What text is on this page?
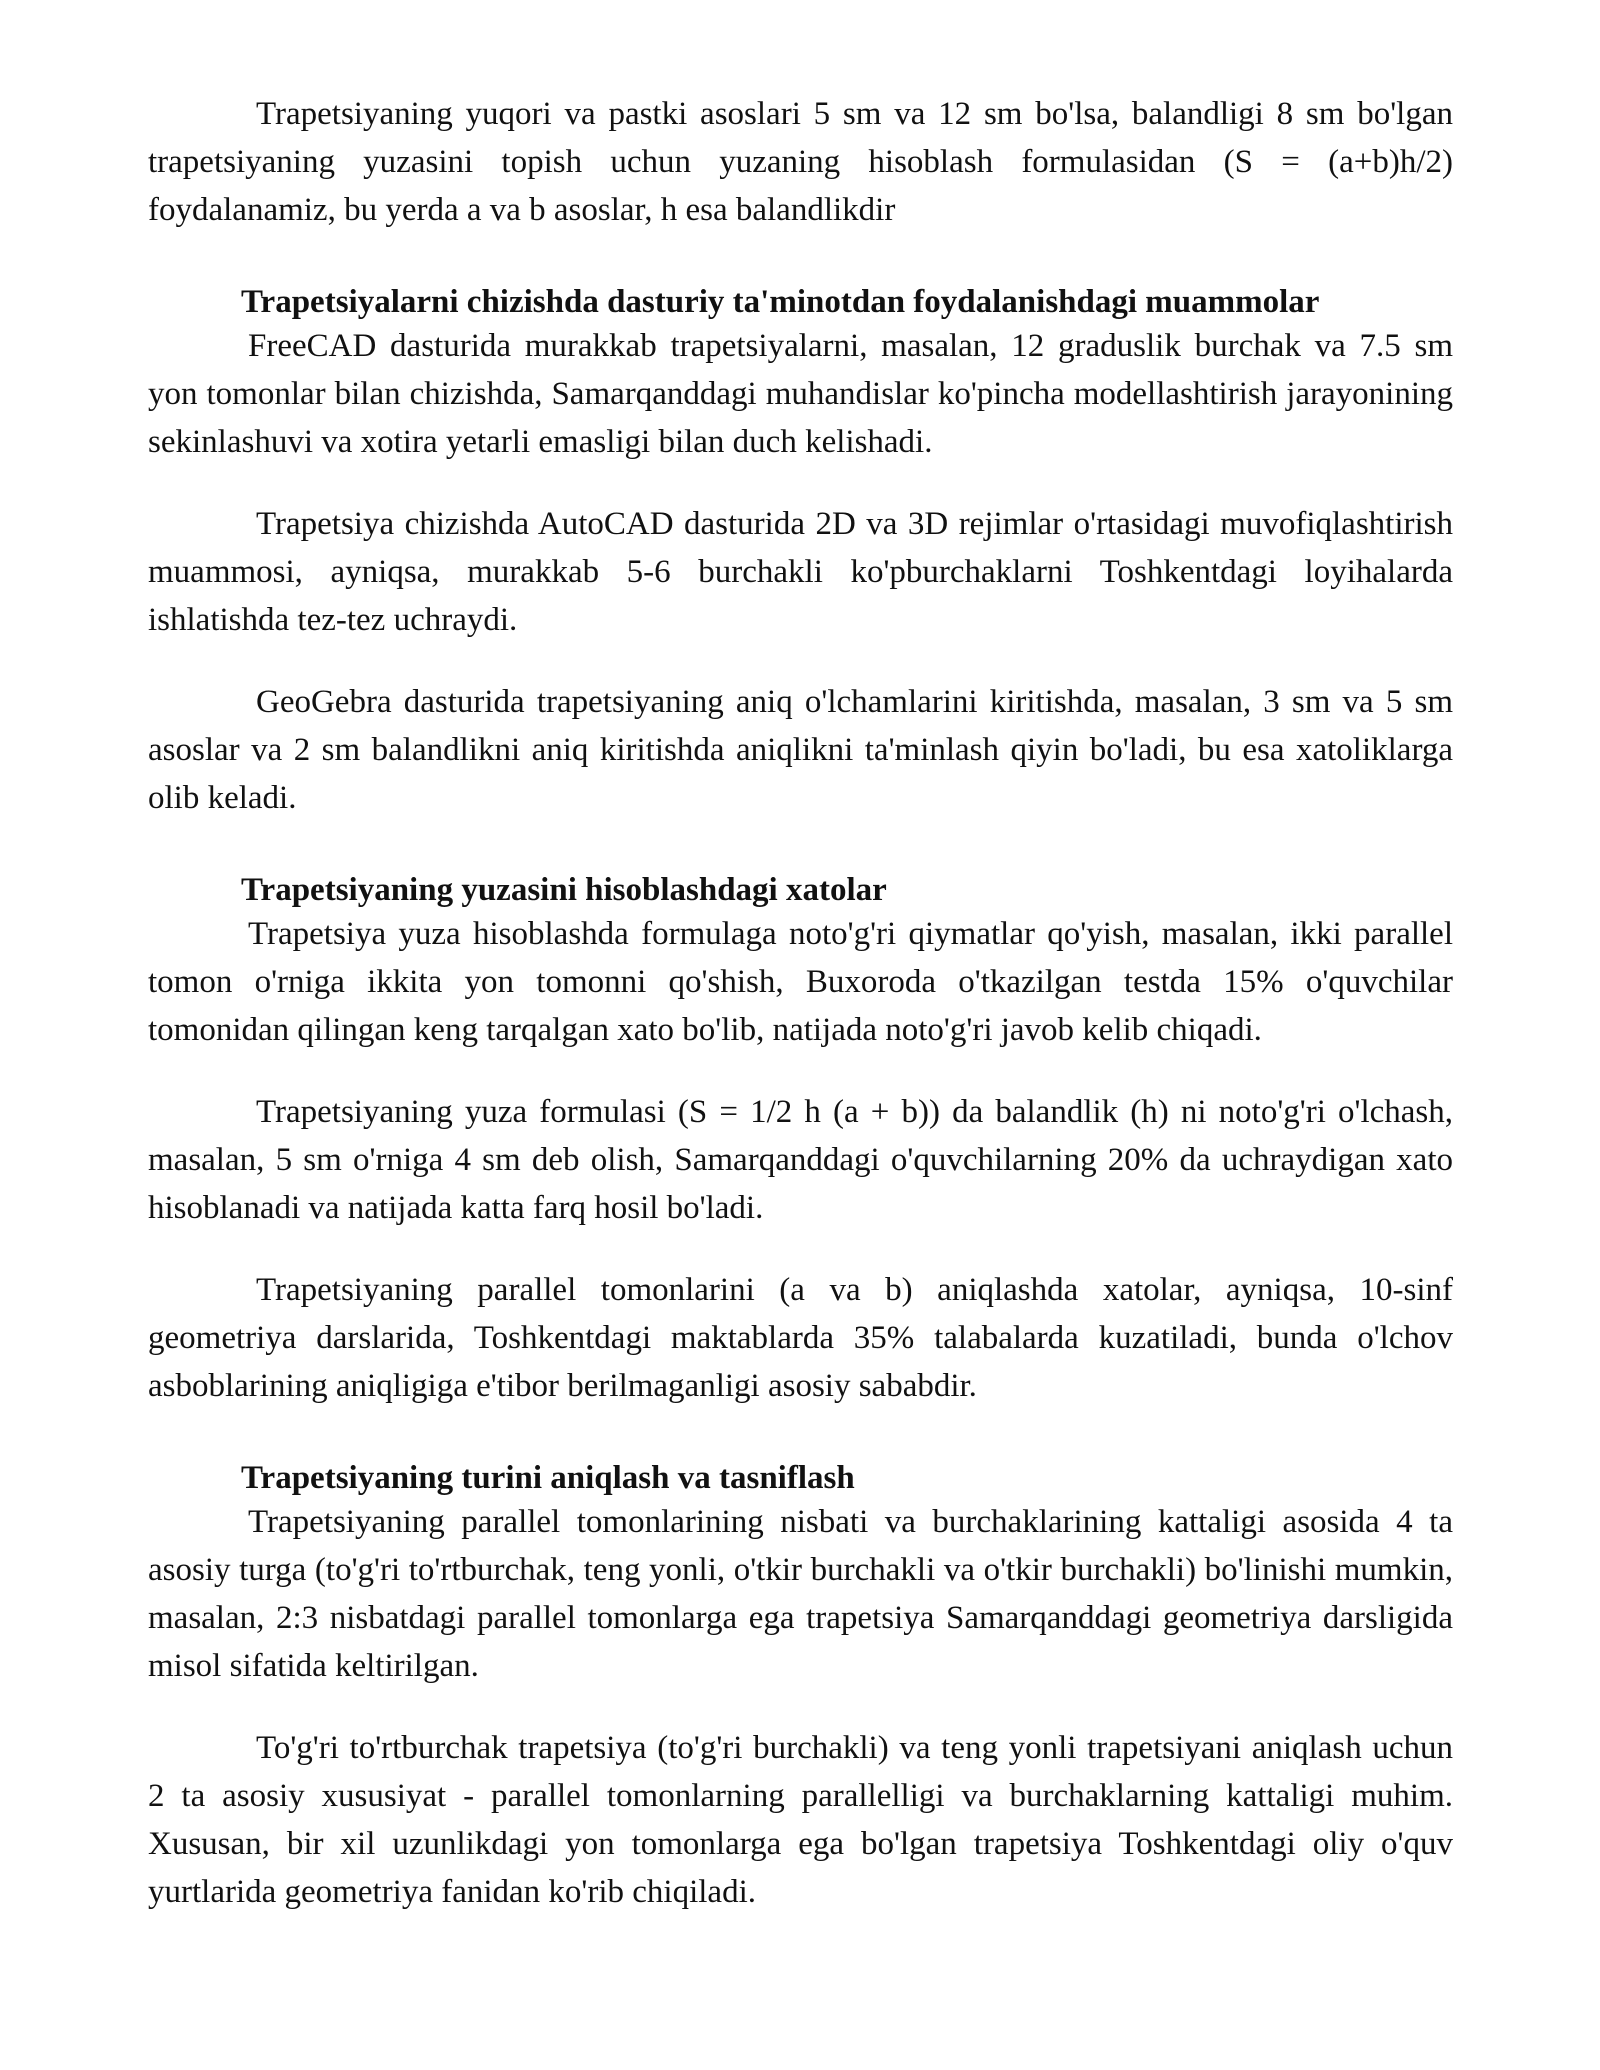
Trapetsiyaning yuqori va pastki asoslari 5 sm va 12 sm bo'lsa, balandligi 8 sm bo'lgan trapetsiyaning yuzasini topish uchun yuzaning hisoblash formulasidan (S = (a+b)h/2) foydalanamiz, bu yerda a va b asoslar, h esa balandlikdir

Trapetsiyalarni chizishda dasturiy ta'minotdan foydalanishdagi muammolar

FreeCAD dasturida murakkab trapetsiyalarni, masalan, 12 graduslik burchak va 7.5 sm yon tomonlar bilan chizishda, Samarqanddagi muhandislar ko'pincha modellashtirish jarayonining sekinlashuvi va xotira yetarli emasligi bilan duch kelishadi.

Trapetsiya chizishda AutoCAD dasturida 2D va 3D rejimlar o'rtasidagi muvofiqlashtirish muammosi, ayniqsa, murakkab 5-6 burchakli ko'pburchaklarni Toshkentdagi loyihalarda ishlatishda tez-tez uchraydi.

GeoGebra dasturida trapetsiyaning aniq o'lchamlarini kiritishda, masalan, 3 sm va 5 sm asoslar va 2 sm balandlikni aniq kiritishda aniqlikni ta'minlash qiyin bo'ladi, bu esa xatoliklarga olib keladi.

Trapetsiyaning yuzasini hisoblashdagi xatolar

Trapetsiya yuza hisoblashda formulaga noto'g'ri qiymatlar qo'yish, masalan, ikki parallel tomon o'rniga ikkita yon tomonni qo'shish, Buxoroda o'tkazilgan testda 15% o'quvchilar tomonidan qilingan keng tarqalgan xato bo'lib, natijada noto'g'ri javob kelib chiqadi.

Trapetsiyaning yuza formulasi (S = 1/2 h (a + b)) da balandlik (h) ni noto'g'ri o'lchash, masalan, 5 sm o'rniga 4 sm deb olish, Samarqanddagi o'quvchilarning 20% da uchraydigan xato hisoblanadi va natijada katta farq hosil bo'ladi.

Trapetsiyaning parallel tomonlarini (a va b) aniqlashda xatolar, ayniqsa, 10-sinf geometriya darslarida, Toshkentdagi maktablarda 35% talabalarda kuzatiladi, bunda o'lchov asboblarining aniqligiga e'tibor berilmaganligi asosiy sababdir.

Trapetsiyaning turini aniqlash va tasniflash

Trapetsiyaning parallel tomonlarining nisbati va burchaklarining kattaligi asosida 4 ta asosiy turga (to'g'ri to'rtburchak, teng yonli, o'tkir burchakli va o'tkir burchakli) bo'linishi mumkin, masalan, 2:3 nisbatdagi parallel tomonlarga ega trapetsiya Samarqanddagi geometriya darsligida misol sifatida keltirilgan.

To'g'ri to'rtburchak trapetsiya (to'g'ri burchakli) va teng yonli trapetsiyani aniqlash uchun 2 ta asosiy xususiyat - parallel tomonlarning parallelligi va burchaklarning kattaligi muhim. Xususan, bir xil uzunlikdagi yon tomonlarga ega bo'lgan trapetsiya Toshkentdagi oliy o'quv yurtlarida geometriya fanidan ko'rib chiqiladi.
